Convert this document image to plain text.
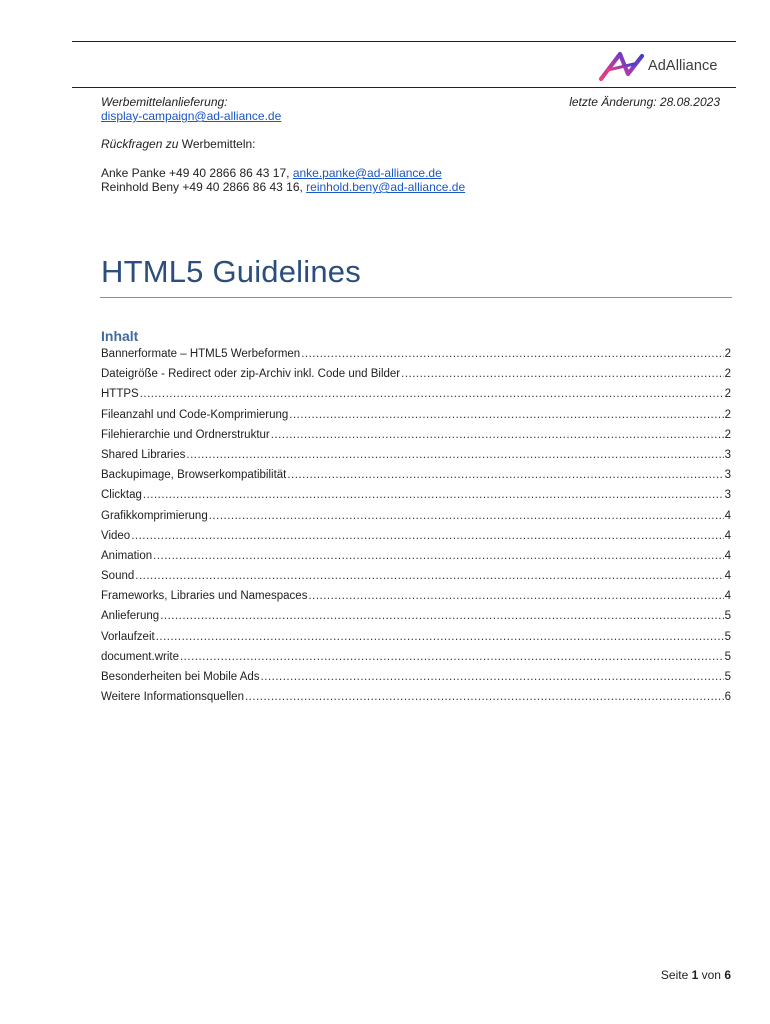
AdAlliance
Werbemittelanlieferung:	letzte Änderung: 28.08.2023
display-campaign@ad-alliance.de
Rückfragen zu Werbemitteln:
Anke Panke +49 40 2866 86 43 17, anke.panke@ad-alliance.de
Reinhold Beny +49 40 2866 86 43 16, reinhold.beny@ad-alliance.de
HTML5 Guidelines
Inhalt
Bannerformate – HTML5 Werbeformen .....	2
Dateigröße - Redirect oder zip-Archiv inkl. Code und Bilder .....	2
HTTPS .....	2
Fileanzahl und Code-Komprimierung .....	2
Filehierarchie und Ordnerstruktur .....	2
Shared Libraries .....	3
Backupimage, Browserkompatibilität .....	3
Clicktag .....	3
Grafikkomprimierung .....	4
Video .....	4
Animation .....	4
Sound .....	4
Frameworks, Libraries und Namespaces .....	4
Anlieferung .....	5
Vorlaufzeit .....	5
document.write .....	5
Besonderheiten bei Mobile Ads .....	5
Weitere Informationsquellen .....	6
Seite 1 von 6
